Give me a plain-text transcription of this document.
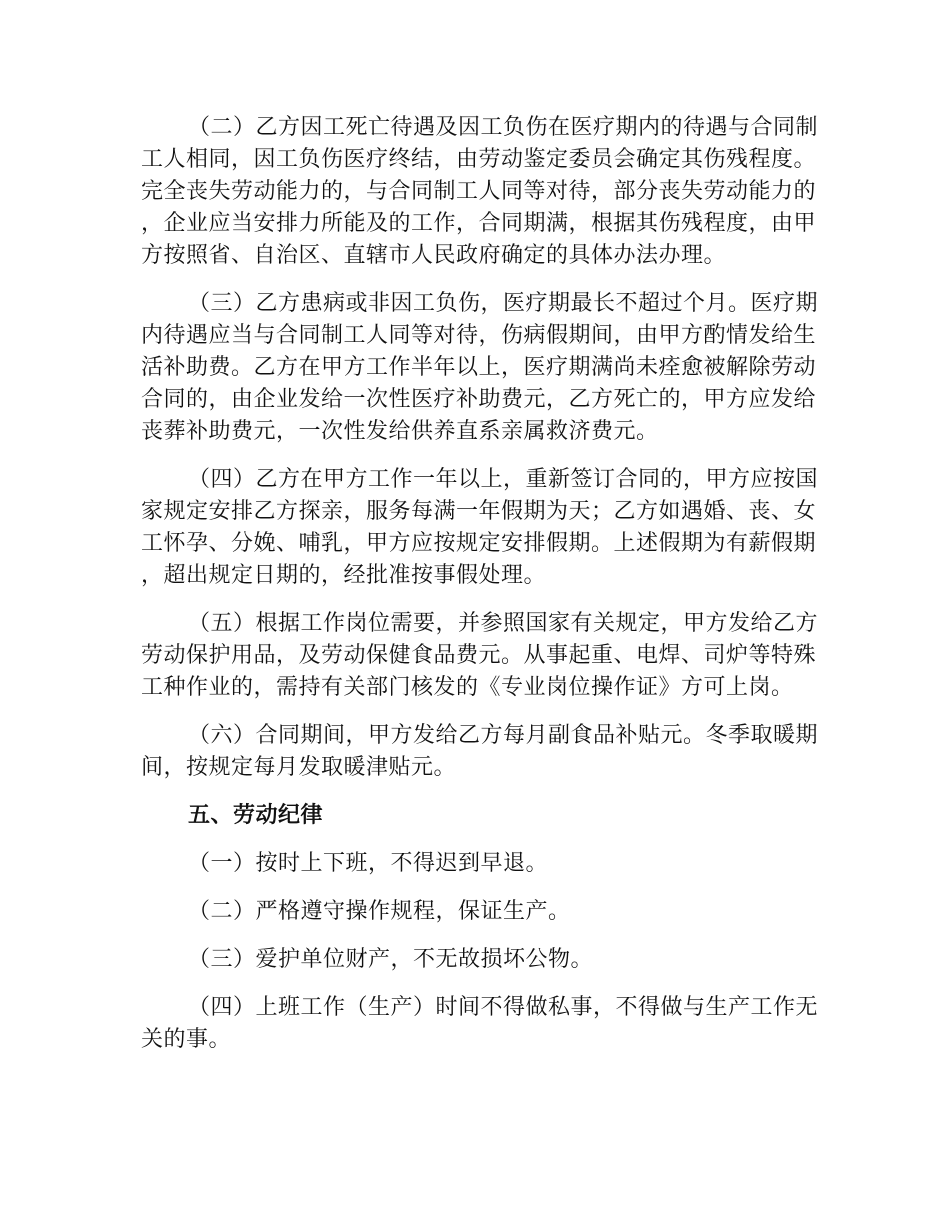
（二）乙方因工死亡待遇及因工负伤在医疗期内的待遇与合同制工人相同，因工负伤医疗终结，由劳动鉴定委员会确定其伤残程度。完全丧失劳动能力的，与合同制工人同等对待，部分丧失劳动能力的，企业应当安排力所能及的工作，合同期满，根据其伤残程度，由甲方按照省、自治区、直辖市人民政府确定的具体办法办理。

（三）乙方患病或非因工负伤，医疗期最长不超过个月。医疗期内待遇应当与合同制工人同等对待，伤病假期间，由甲方酌情发给生活补助费。乙方在甲方工作半年以上，医疗期满尚未痊愈被解除劳动合同的，由企业发给一次性医疗补助费元，乙方死亡的，甲方应发给丧葬补助费元，一次性发给供养直系亲属救济费元。

（四）乙方在甲方工作一年以上，重新签订合同的，甲方应按国家规定安排乙方探亲，服务每满一年假期为天；乙方如遇婚、丧、女工怀孕、分娩、哺乳，甲方应按规定安排假期。上述假期为有薪假期，超出规定日期的，经批准按事假处理。

（五）根据工作岗位需要，并参照国家有关规定，甲方发给乙方劳动保护用品，及劳动保健食品费元。从事起重、电焊、司炉等特殊工种作业的，需持有关部门核发的《专业岗位操作证》方可上岗。

（六）合同期间，甲方发给乙方每月副食品补贴元。冬季取暖期间，按规定每月发取暖津贴元。

五、劳动纪律

（一）按时上下班，不得迟到早退。

（二）严格遵守操作规程，保证生产。

（三）爱护单位财产，不无故损坏公物。

（四）上班工作（生产）时间不得做私事，不得做与生产工作无关的事。
